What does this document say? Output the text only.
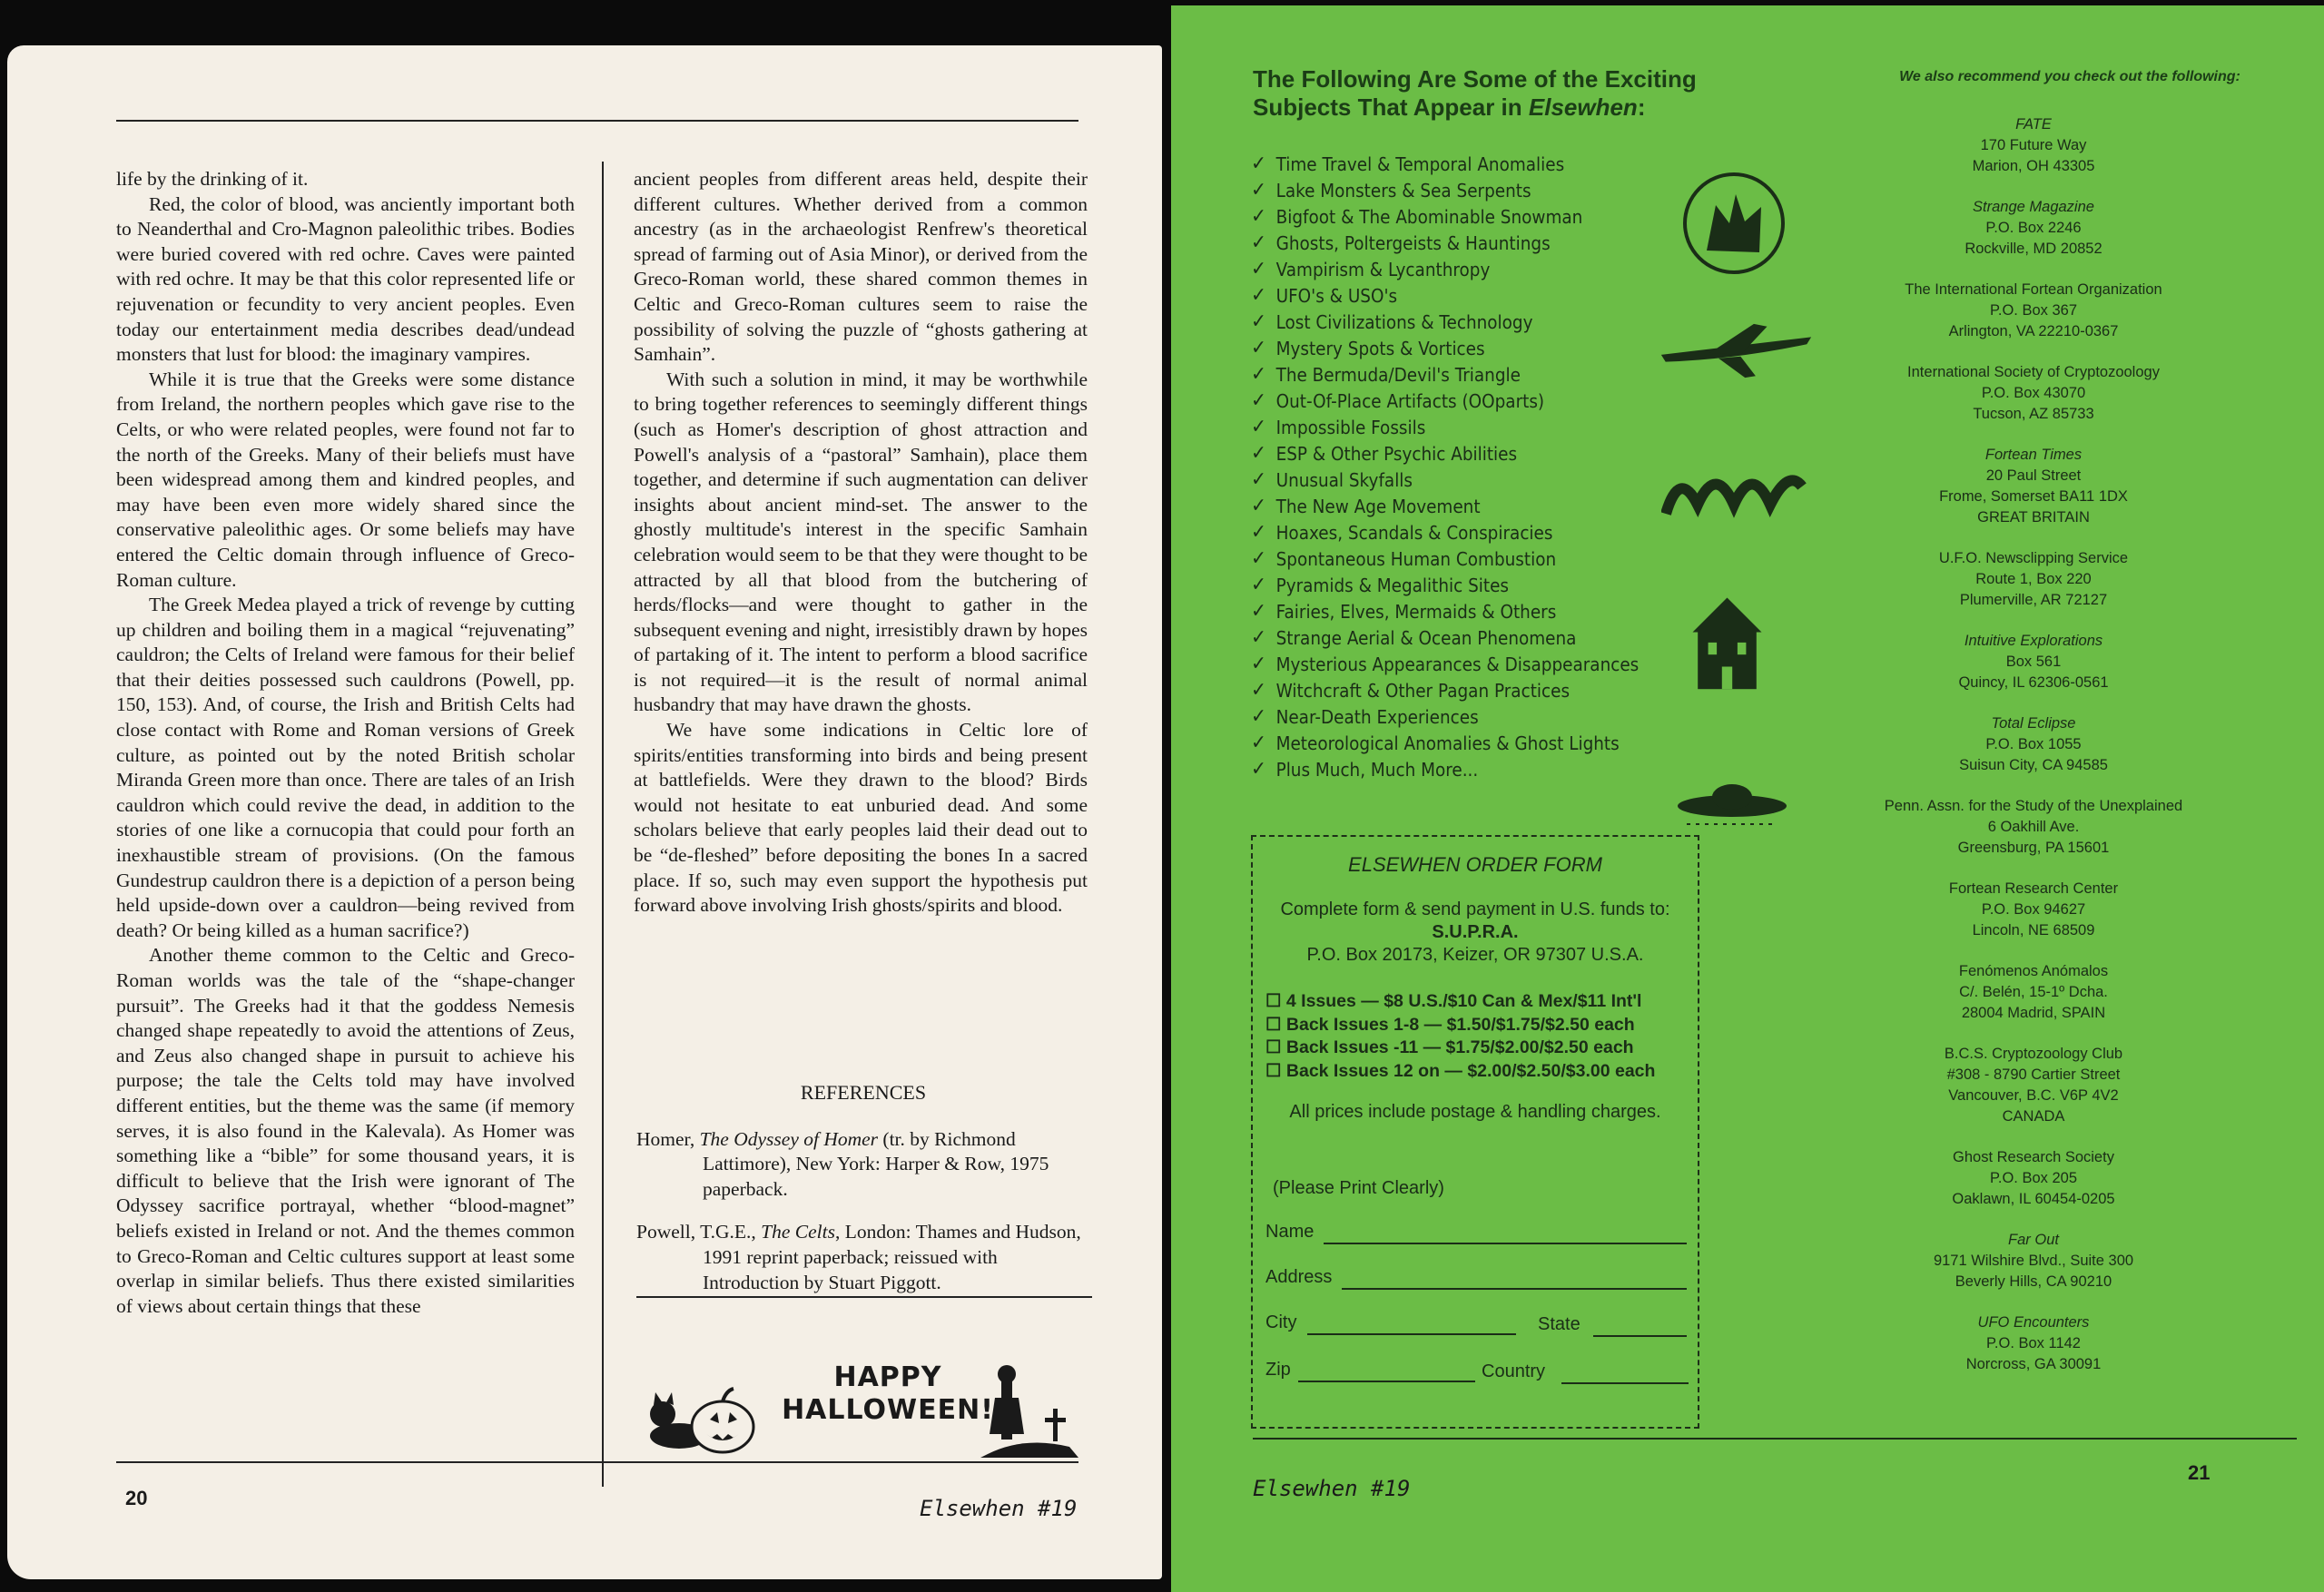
life by the drinking of it.

Red, the color of blood, was anciently important both to Neanderthal and Cro-Magnon paleolithic tribes. Bodies were buried covered with red ochre. Caves were painted with red ochre. It may be that this color represented life or rejuvenation or fecundity to very ancient peoples. Even today our entertainment media describes dead/undead monsters that lust for blood: the imaginary vampires.

While it is true that the Greeks were some distance from Ireland, the northern peoples which gave rise to the Celts, or who were related peoples, were found not far to the north of the Greeks. Many of their beliefs must have been widespread among them and kindred peoples, and may have been even more widely shared since the conservative paleolithic ages. Or some beliefs may have entered the Celtic domain through influence of Greco-Roman culture.

The Greek Medea played a trick of revenge by cutting up children and boiling them in a magical “rejuvenating” cauldron; the Celts of Ireland were famous for their belief that their deities possessed such cauldrons (Powell, pp. 150, 153). And, of course, the Irish and British Celts had close contact with Rome and Roman versions of Greek culture, as pointed out by the noted British scholar Miranda Green more than once. There are tales of an Irish cauldron which could revive the dead, in addition to the stories of one like a cornucopia that could pour forth an inexhaustible stream of provisions. (On the famous Gundestrup cauldron there is a depiction of a person being held upside-down over a cauldron—being revived from death? Or being killed as a human sacrifice?)

Another theme common to the Celtic and Greco-Roman worlds was the tale of the “shape-changer pursuit”. The Greeks had it that the goddess Nemesis changed shape repeatedly to avoid the attentions of Zeus, and Zeus also changed shape in pursuit to achieve his purpose; the tale the Celts told may have involved different entities, but the theme was the same (if memory serves, it is also found in the Kalevala). As Homer was something like a “bible” for some thousand years, it is difficult to believe that the Irish were ignorant of The Odyssey sacrifice portrayal, whether “blood-magnet” beliefs existed in Ireland or not. And the themes common to Greco-Roman and Celtic cultures support at least some overlap in similar beliefs. Thus there existed similarities of views about certain things that these

ancient peoples from different areas held, despite their different cultures. Whether derived from a common ancestry (as in the archaeologist Renfrew's theoretical spread of farming out of Asia Minor), or derived from the Greco-Roman world, these shared common themes in Celtic and Greco-Roman cultures seem to raise the possibility of solving the puzzle of “ghosts gathering at Samhain”.

With such a solution in mind, it may be worthwhile to bring together references to seemingly different things (such as Homer's description of ghost attraction and Powell's analysis of a “pastoral” Samhain), place them together, and determine if such augmentation can deliver insights about ancient mind-set. The answer to the ghostly multitude's interest in the specific Samhain celebration would seem to be that they were thought to be attracted by all that blood from the butchering of herds/flocks—and were thought to gather in the subsequent evening and night, irresistibly drawn by hopes of partaking of it. The intent to perform a blood sacrifice is not required—it is the result of normal animal husbandry that may have drawn the ghosts.

We have some indications in Celtic lore of spirits/entities transforming into birds and being present at battlefields. Were they drawn to the blood? Birds would not hesitate to eat unburied dead. And some scholars believe that early peoples laid their dead out to be “de-fleshed” before depositing the bones In a sacred place. If so, such may even support the hypothesis put forward above involving Irish ghosts/spirits and blood.

REFERENCES
Homer, The Odyssey of Homer (tr. by Richmond Lattimore), New York: Harper & Row, 1975 paperback.
Powell, T.G.E., The Celts, London: Thames and Hudson, 1991 reprint paperback; reissued with Introduction by Stuart Piggott.
HAPPY
HALLOWEEN!
20	Elsewhen #19
The Following Are Some of the Exciting
Subjects That Appear in Elsewhen:
✓ Time Travel & Temporal Anomalies
✓ Lake Monsters & Sea Serpents
✓ Bigfoot & The Abominable Snowman
✓ Ghosts, Poltergeists & Hauntings
✓ Vampirism & Lycanthropy
✓ UFO's & USO's
✓ Lost Civilizations & Technology
✓ Mystery Spots & Vortices
✓ The Bermuda/Devil's Triangle
✓ Out-Of-Place Artifacts (OOparts)
✓ Impossible Fossils
✓ ESP & Other Psychic Abilities
✓ Unusual Skyfalls
✓ The New Age Movement
✓ Hoaxes, Scandals & Conspiracies
✓ Spontaneous Human Combustion
✓ Pyramids & Megalithic Sites
✓ Fairies, Elves, Mermaids & Others
✓ Strange Aerial & Ocean Phenomena
✓ Mysterious Appearances & Disappearances
✓ Witchcraft & Other Pagan Practices
✓ Near-Death Experiences
✓ Meteorological Anomalies & Ghost Lights
✓ Plus Much, Much More...
ELSEWHEN ORDER FORM
Complete form & send payment in U.S. funds to:
S.U.P.R.A.
P.O. Box 20173, Keizer, OR 97307 U.S.A.
☐ 4 Issues — $8 U.S./$10 Can & Mex/$11 Int'l
☐ Back Issues 1-8 — $1.50/$1.75/$2.50 each
☐ Back Issues -11 — $1.75/$2.00/$2.50 each
☐ Back Issues 12 on — $2.00/$2.50/$3.00 each
All prices include postage & handling charges.
(Please Print Clearly)
Name
Address
City	State
Zip	Country
We also recommend you check out the following:
FATE
170 Future Way
Marion, OH 43305
Strange Magazine
P.O. Box 2246
Rockville, MD 20852
The International Fortean Organization
P.O. Box 367
Arlington, VA 22210-0367
International Society of Cryptozoology
P.O. Box 43070
Tucson, AZ 85733
Fortean Times
20 Paul Street
Frome, Somerset BA11 1DX
GREAT BRITAIN
U.F.O. Newsclipping Service
Route 1, Box 220
Plumerville, AR 72127
Intuitive Explorations
Box 561
Quincy, IL 62306-0561
Total Eclipse
P.O. Box 1055
Suisun City, CA 94585
Penn. Assn. for the Study of the Unexplained
6 Oakhill Ave.
Greensburg, PA 15601
Fortean Research Center
P.O. Box 94627
Lincoln, NE 68509
Fenómenos Anómalos
C/. Belén, 15-1º Dcha.
28004 Madrid, SPAIN
B.C.S. Cryptozoology Club
#308 - 8790 Cartier Street
Vancouver, B.C. V6P 4V2
CANADA
Ghost Research Society
P.O. Box 205
Oaklawn, IL 60454-0205
Far Out
9171 Wilshire Blvd., Suite 300
Beverly Hills, CA 90210
UFO Encounters
P.O. Box 1142
Norcross, GA 30091
Elsewhen #19
21
